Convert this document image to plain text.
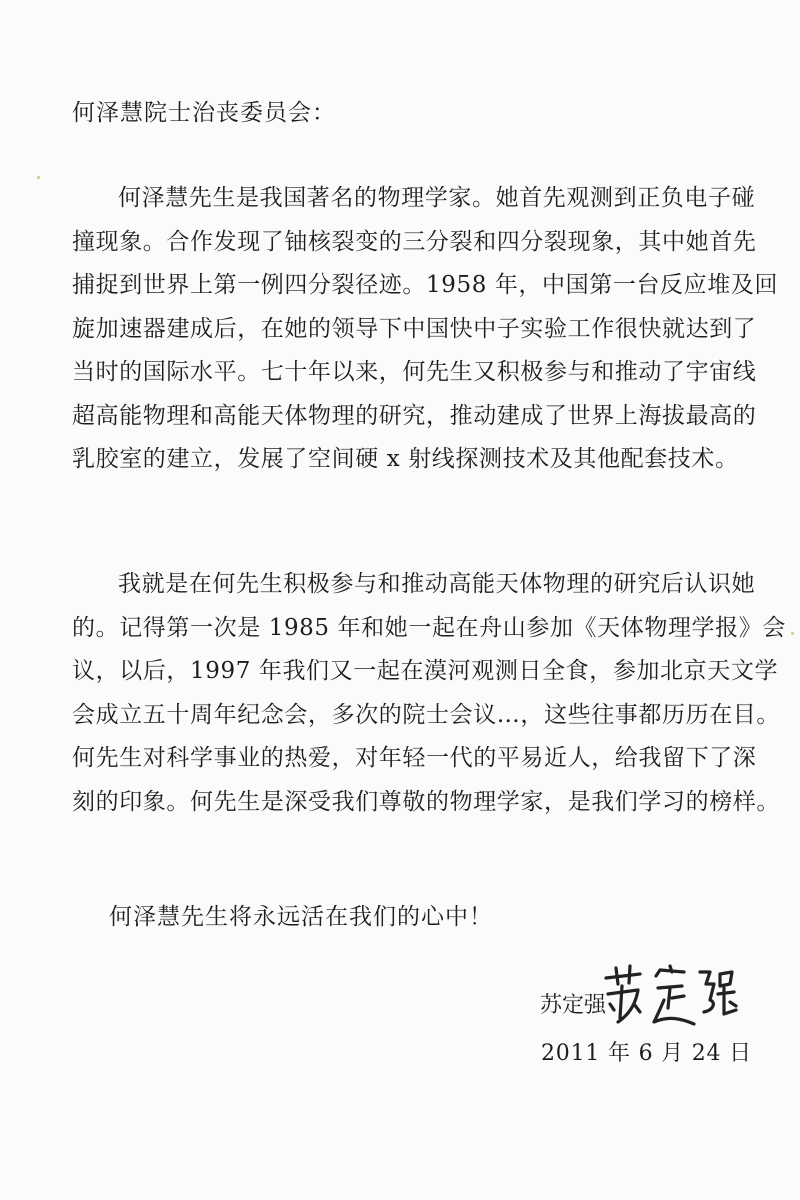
何泽慧院士治丧委员会：
何泽慧先生是我国著名的物理学家。她首先观测到正负电子碰
撞现象。合作发现了铀核裂变的三分裂和四分裂现象，其中她首先
捕捉到世界上第一例四分裂径迹。1958 年，中国第一台反应堆及回
旋加速器建成后，在她的领导下中国快中子实验工作很快就达到了
当时的国际水平。七十年以来，何先生又积极参与和推动了宇宙线
超高能物理和高能天体物理的研究，推动建成了世界上海拔最高的
乳胶室的建立，发展了空间硬 x 射线探测技术及其他配套技术。
我就是在何先生积极参与和推动高能天体物理的研究后认识她
的。记得第一次是 1985 年和她一起在舟山参加《天体物理学报》会
议，以后，1997 年我们又一起在漠河观测日全食，参加北京天文学
会成立五十周年纪念会，多次的院士会议…，这些往事都历历在目。
何先生对科学事业的热爱，对年轻一代的平易近人，给我留下了深
刻的印象。何先生是深受我们尊敬的物理学家，是我们学习的榜样。
何泽慧先生将永远活在我们的心中！
苏定强
2011 年 6 月 24 日
